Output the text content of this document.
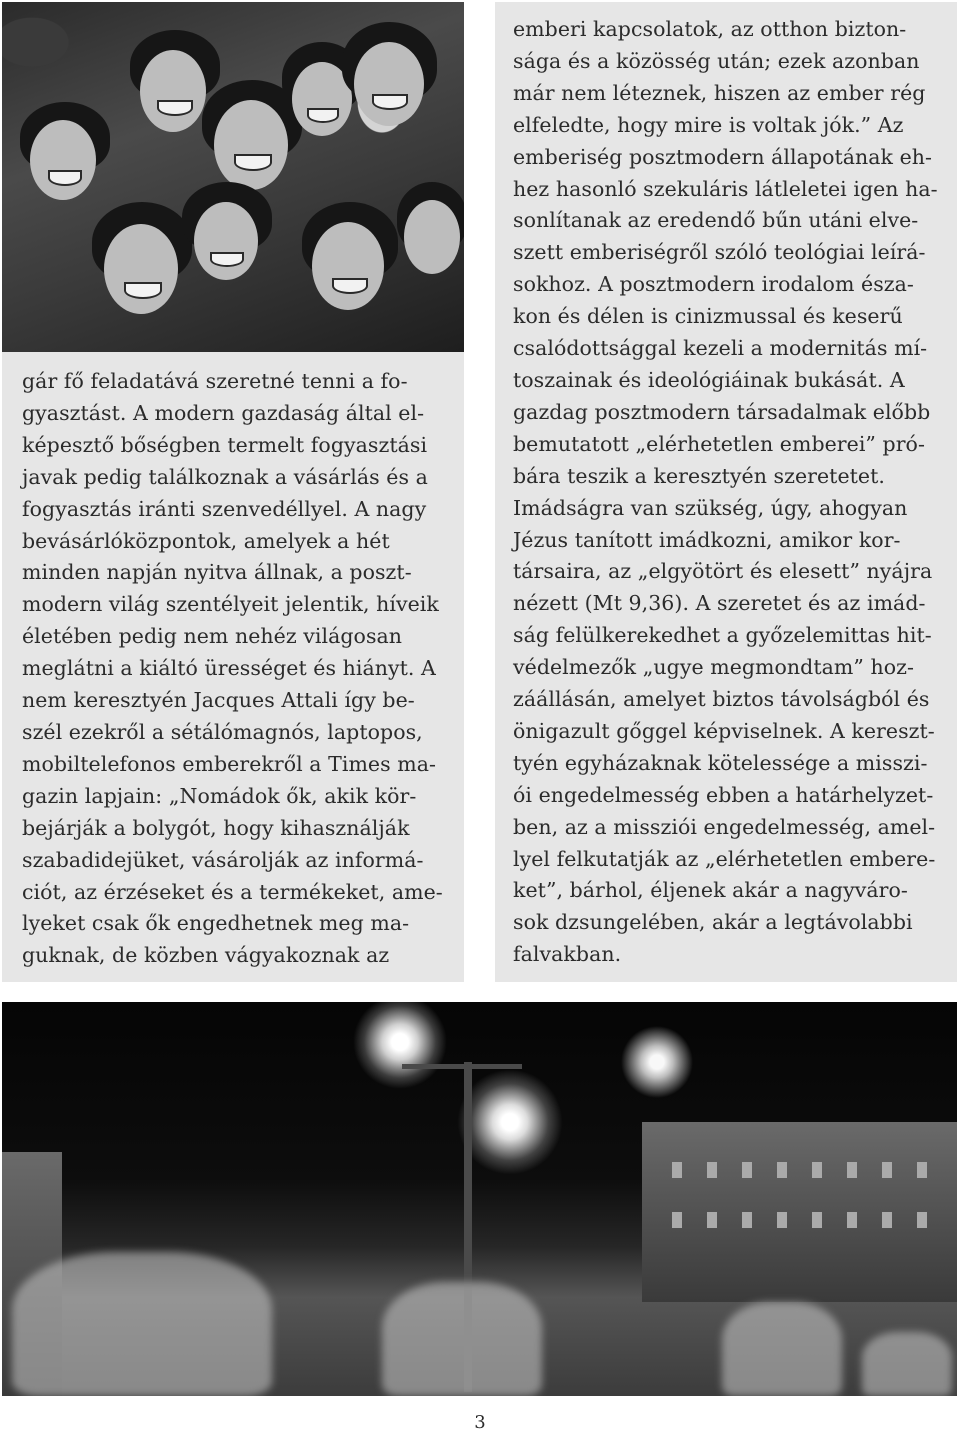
gár fő feladatává szeretné tenni a fo-
gyasztást. A modern gazdaság által el-
képesztő bőségben termelt fogyasztási
javak pedig találkoznak a vásárlás és a
fogyasztás iránti szenvedéllyel. A nagy
bevásárlóközpontok, amelyek a hét
minden napján nyitva állnak, a poszt-
modern világ szentélyeit jelentik, híveik
életében pedig nem nehéz világosan
meglátni a kiáltó ürességet és hiányt. A
nem keresztyén Jacques Attali így be-
szél ezekről a sétálómagnós, laptopos,
mobiltelefonos emberekről a Times ma-
gazin lapjain: „Nomádok ők, akik kör-
bejárják a bolygót, hogy kihasználják
szabadidejüket, vásárolják az informá-
ciót, az érzéseket és a termékeket, ame-
lyeket csak ők engedhetnek meg ma-
guknak, de közben vágyakoznak az
emberi kapcsolatok, az otthon bizton-
sága és a közösség után; ezek azonban
már nem léteznek, hiszen az ember rég
elfeledte, hogy mire is voltak jók.” Az
emberiség posztmodern állapotának eh-
hez hasonló szekuláris látleletei igen ha-
sonlítanak az eredendő bűn utáni elve-
szett emberiségről szóló teológiai leírá-
sokhoz. A posztmodern irodalom észa-
kon és délen is cinizmussal és keserű
csalódottsággal kezeli a modernitás mí-
toszainak és ideológiáinak bukását. A
gazdag posztmodern társadalmak előbb
bemutatott „elérhetetlen emberei” pró-
bára teszik a keresztyén szeretetet.
Imádságra van szükség, úgy, ahogyan
Jézus tanított imádkozni, amikor kor-
társaira, az „elgyötört és elesett” nyájra
nézett (Mt 9,36). A szeretet és az imád-
ság felülkerekedhet a győzelemittas hit-
védelmezők „ugye megmondtam” hoz-
záállásán, amelyet biztos távolságból és
önigazult gőggel képviselnek. A kereszt-
tyén egyházaknak kötelessége a misszi-
ói engedelmesség ebben a határhelyzet-
ben, az a missziói engedelmesség, amel-
lyel felkutatják az „elérhetetlen embere-
ket”, bárhol, éljenek akár a nagyváro-
sok dzsungelében, akár a legtávolabbi
falvakban.
3
